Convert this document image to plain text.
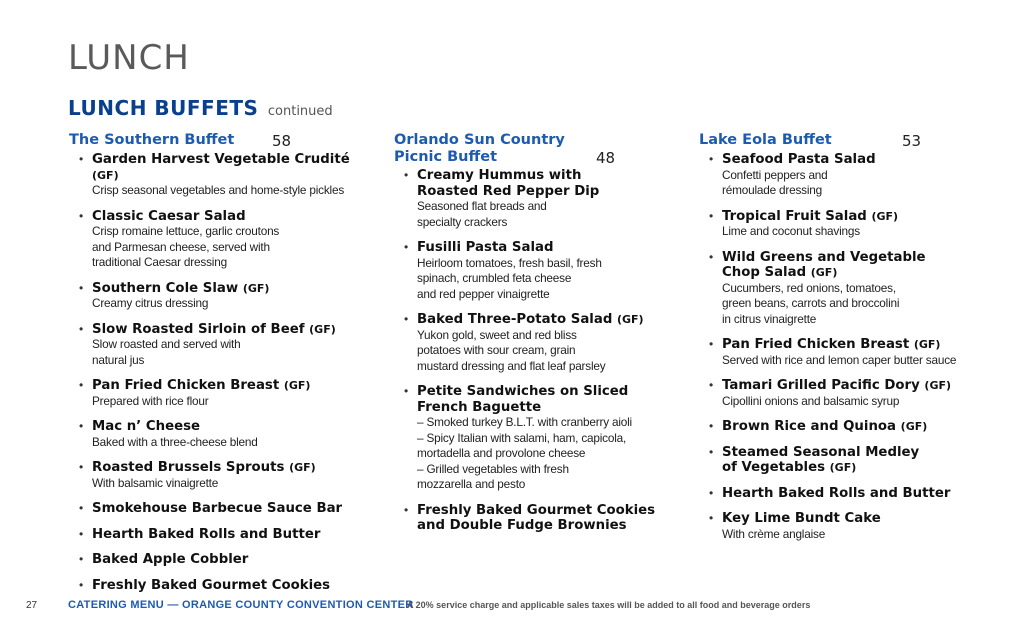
LUNCH
LUNCH BUFFETS continued
The Southern Buffet	58
• Garden Harvest Vegetable Crudité (GF)
Crisp seasonal vegetables and home-style pickles
• Classic Caesar Salad
Crisp romaine lettuce, garlic croutons
and Parmesan cheese, served with
traditional Caesar dressing
• Southern Cole Slaw (GF)
Creamy citrus dressing
• Slow Roasted Sirloin of Beef (GF)
Slow roasted and served with
natural jus
• Pan Fried Chicken Breast (GF)
Prepared with rice flour
• Mac n’ Cheese
Baked with a three-cheese blend
• Roasted Brussels Sprouts (GF)
With balsamic vinaigrette
• Smokehouse Barbecue Sauce Bar
• Hearth Baked Rolls and Butter
• Baked Apple Cobbler
• Freshly Baked Gourmet Cookies
Orlando Sun Country
Picnic Buffet	48
• Creamy Hummus with
Roasted Red Pepper Dip
Seasoned flat breads and
specialty crackers
• Fusilli Pasta Salad
Heirloom tomatoes, fresh basil, fresh
spinach, crumbled feta cheese
and red pepper vinaigrette
• Baked Three-Potato Salad (GF)
Yukon gold, sweet and red bliss
potatoes with sour cream, grain
mustard dressing and flat leaf parsley
• Petite Sandwiches on Sliced
French Baguette
– Smoked turkey B.L.T. with cranberry aioli
– Spicy Italian with salami, ham, capicola,
mortadella and provolone cheese
– Grilled vegetables with fresh
mozzarella and pesto
• Freshly Baked Gourmet Cookies
and Double Fudge Brownies
Lake Eola Buffet	53
• Seafood Pasta Salad
Confetti peppers and
rémoulade dressing
• Tropical Fruit Salad (GF)
Lime and coconut shavings
• Wild Greens and Vegetable
Chop Salad (GF)
Cucumbers, red onions, tomatoes,
green beans, carrots and broccolini
in citrus vinaigrette
• Pan Fried Chicken Breast (GF)
Served with rice and lemon caper butter sauce
• Tamari Grilled Pacific Dory (GF)
Cipollini onions and balsamic syrup
• Brown Rice and Quinoa (GF)
• Steamed Seasonal Medley
of Vegetables (GF)
• Hearth Baked Rolls and Butter
• Key Lime Bundt Cake
With crème anglaise
27	CATERING MENU — ORANGE COUNTY CONVENTION CENTER
A 20% service charge and applicable sales taxes will be added to all food and beverage orders
